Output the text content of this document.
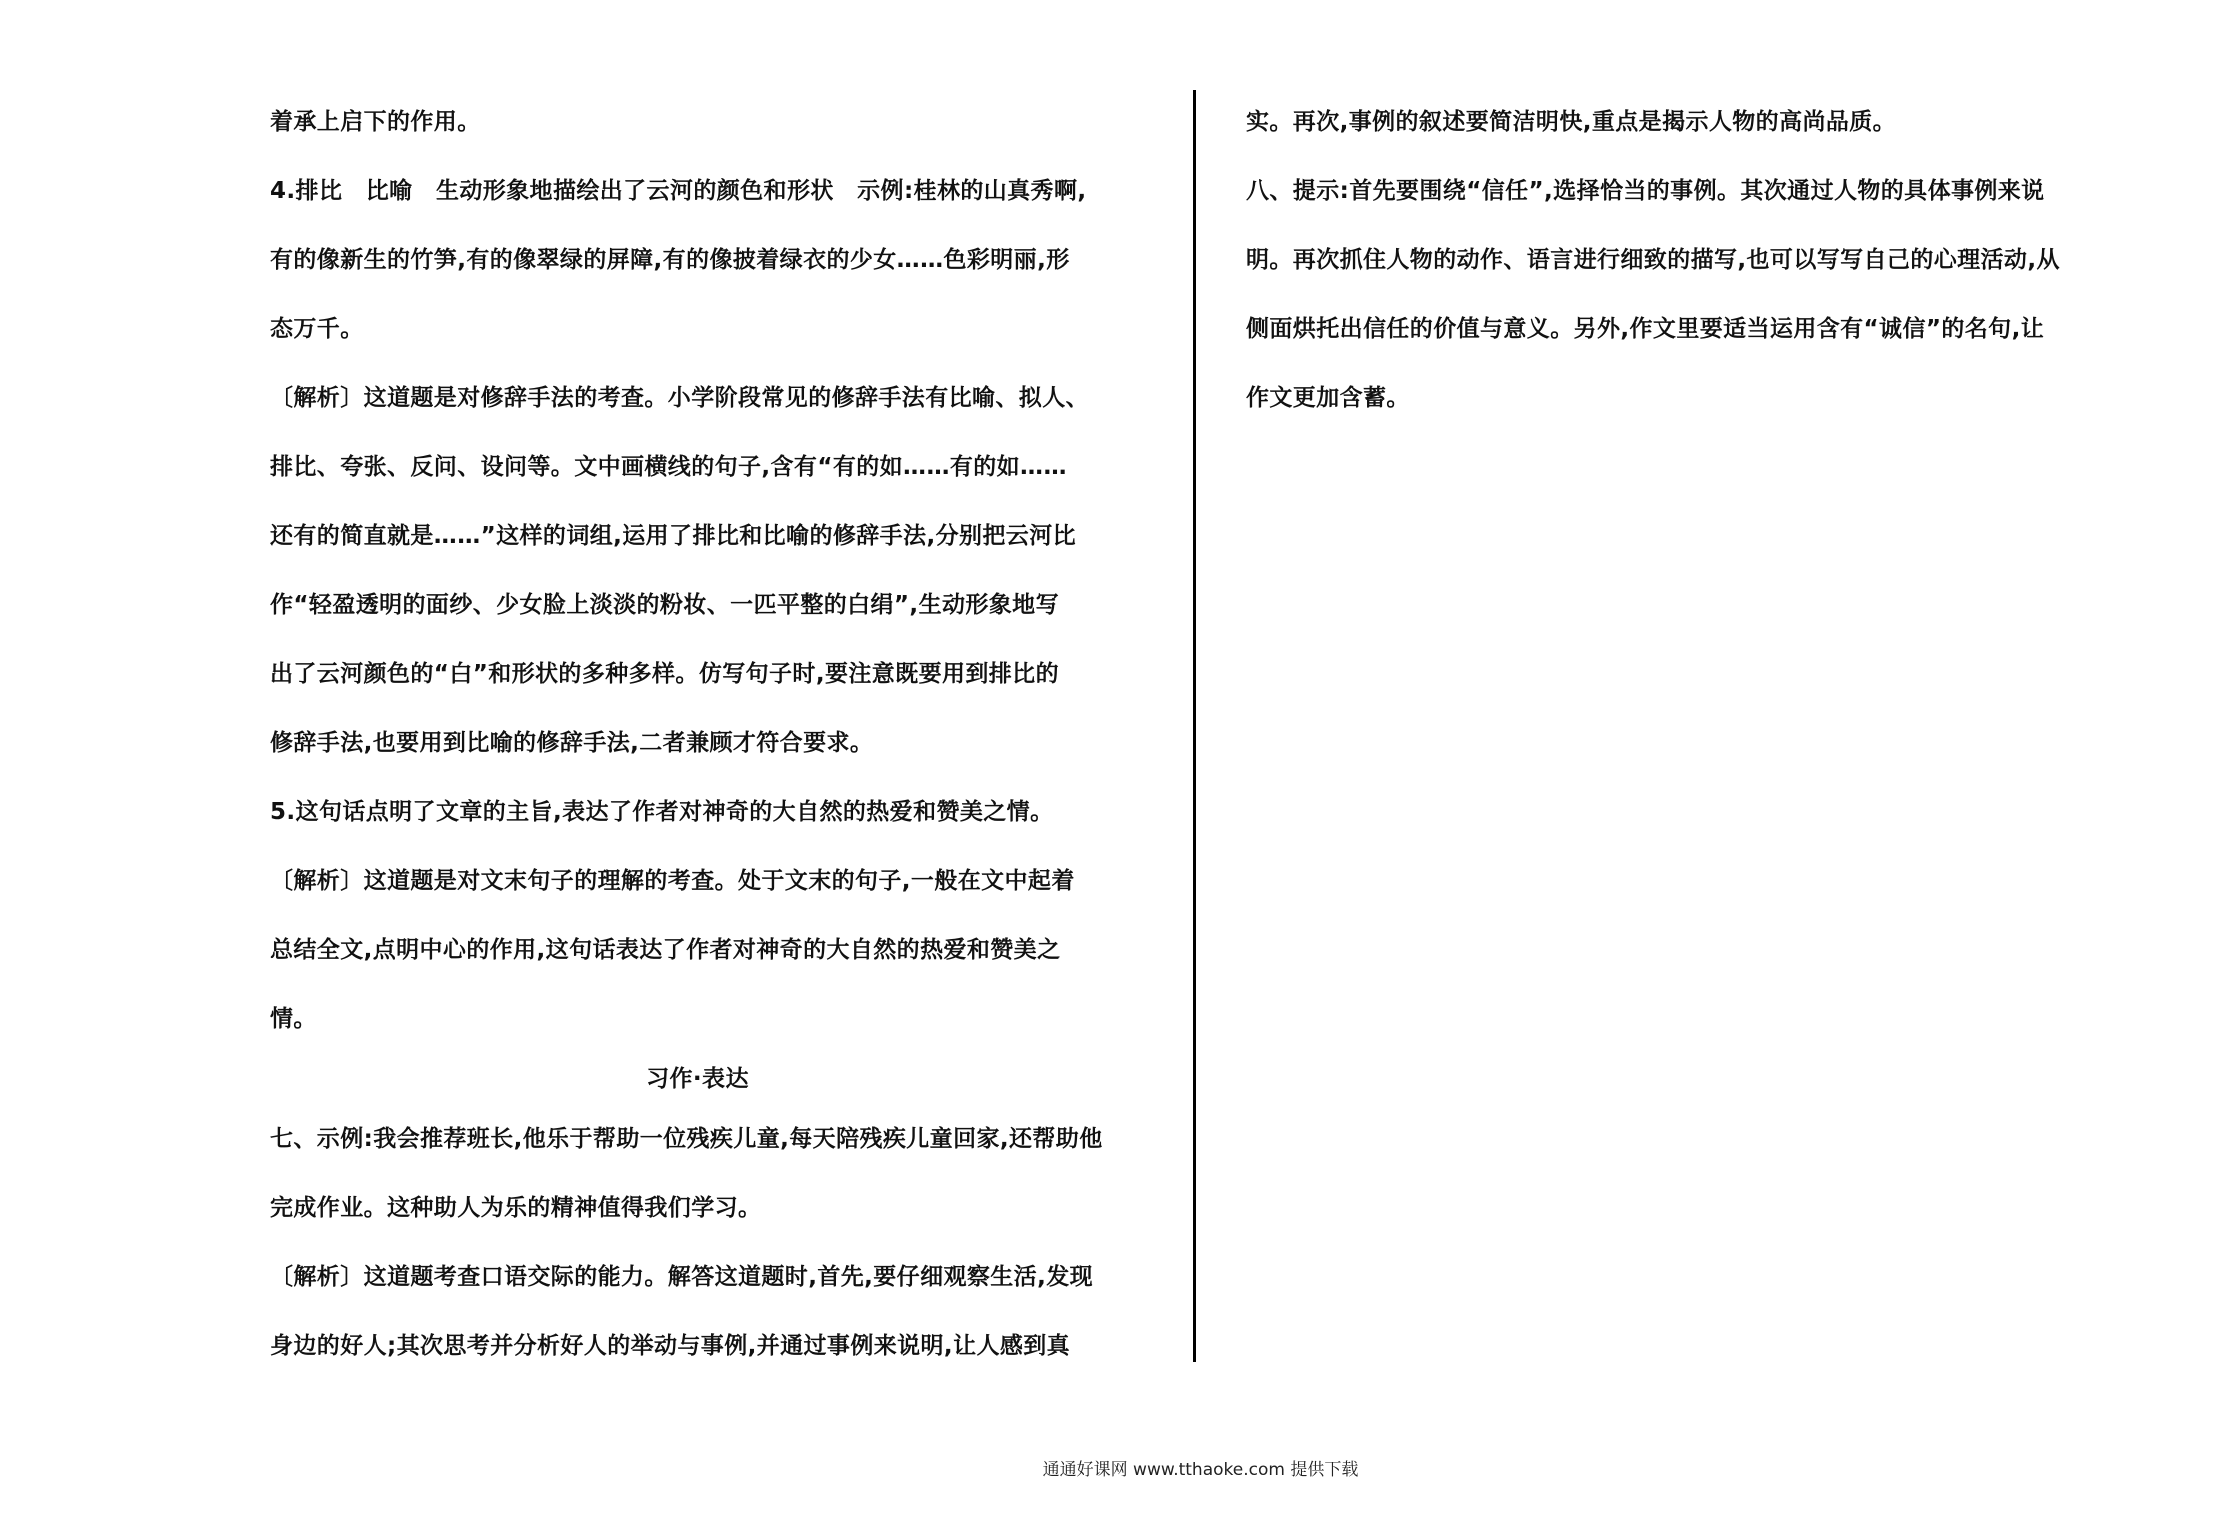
着承上启下的作用。
4.排比　比喻　生动形象地描绘出了云河的颜色和形状　示例:桂林的山真秀啊,
有的像新生的竹笋,有的像翠绿的屏障,有的像披着绿衣的少女……色彩明丽,形
态万千。
〔解析〕这道题是对修辞手法的考查。小学阶段常见的修辞手法有比喻、拟人、
排比、夸张、反问、设问等。文中画横线的句子,含有“有的如……有的如……
还有的简直就是……”这样的词组,运用了排比和比喻的修辞手法,分别把云河比
作“轻盈透明的面纱、少女脸上淡淡的粉妆、一匹平整的白绢”,生动形象地写
出了云河颜色的“白”和形状的多种多样。仿写句子时,要注意既要用到排比的
修辞手法,也要用到比喻的修辞手法,二者兼顾才符合要求。
5.这句话点明了文章的主旨,表达了作者对神奇的大自然的热爱和赞美之情。
〔解析〕这道题是对文末句子的理解的考查。处于文末的句子,一般在文中起着
总结全文,点明中心的作用,这句话表达了作者对神奇的大自然的热爱和赞美之
情。
习作·表达
七、示例:我会推荐班长,他乐于帮助一位残疾儿童,每天陪残疾儿童回家,还帮助他
完成作业。这种助人为乐的精神值得我们学习。
〔解析〕这道题考查口语交际的能力。解答这道题时,首先,要仔细观察生活,发现
身边的好人;其次思考并分析好人的举动与事例,并通过事例来说明,让人感到真
实。再次,事例的叙述要简洁明快,重点是揭示人物的高尚品质。
八、提示:首先要围绕“信任”,选择恰当的事例。其次通过人物的具体事例来说
明。再次抓住人物的动作、语言进行细致的描写,也可以写写自己的心理活动,从
侧面烘托出信任的价值与意义。另外,作文里要适当运用含有“诚信”的名句,让
作文更加含蓄。
通通好课网 www.tthaoke.com 提供下载
